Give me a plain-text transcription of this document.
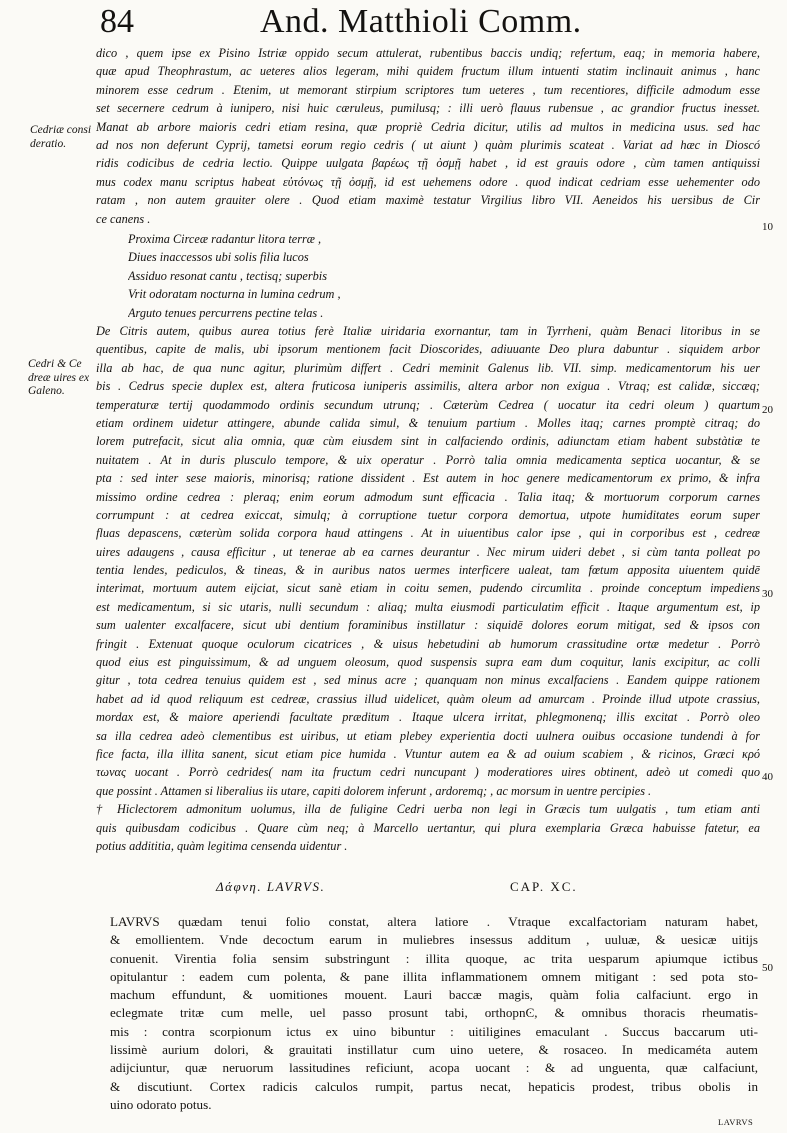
84	And. Matthioli Comm.
Cedriæ consi deratio.
Cedri & Ce dreæ uires ex Galeno.
10
20
30
40
50
dico , quem ipse ex Pisino Istriæ oppido secum attulerat, rubentibus baccis undiq; refertum, eaq; in memoria habere,
quæ apud Theophrastum, ac ueteres alios legeram, mihi quidem fructum illum intuenti statim inclinauit animus , hanc
minorem esse cedrum . Etenim, ut memorant stirpium scriptores tum ueteres , tum recentiores, difficile admodum esse
set secernere cedrum à iunipero, nisi huic cæruleus, pumilusq; : illi uerò flauus rubensue , ac grandior fructus inesset.
Manat ab arbore maioris cedri etiam resina, quæ propriè Cedria dicitur, utilis ad multos in medicina usus. sed hac
ad nos non deferunt Cyprij, tametsi eorum regio cedris ( ut aiunt ) quàm plurimis scateat . Variat ad hæc in Dioscó
ridis codicibus de cedria lectio. Quippe uulgata βαρέως τῇ ὀσμῇ habet , id est grauis odore , cùm tamen antiquissi
mus codex manu scriptus habeat εὐτόνως τῇ ὀσμῇ, id est uehemens odore . quod indicat cedriam esse uehementer odo
ratam , non autem grauiter olere . Quod etiam maximè testatur Virgilius libro VII. Aeneidos his uersibus de Cir
ce canens .
Proxima Circeæ radantur litora terræ ,
Diues inaccessos ubi solis filia lucos
Assiduo resonat cantu , tectisq; superbis
Vrit odoratam nocturna in lumina cedrum ,
Arguto tenues percurrens pectine telas .
De Citris autem, quibus aurea totius ferè Italiæ uiridaria exornantur, tam in Tyrrheni, quàm Benaci litoribus in se
quentibus, capite de malis, ubi ipsorum mentionem facit Dioscorides, adiuuante Deo plura dabuntur . siquidem arbor
illa ab hac, de qua nunc agitur, plurimùm differt . Cedri meminit Galenus lib. VII. simp. medicamentorum his uer
bis . Cedrus specie duplex est, altera fruticosa iuniperis assimilis, altera arbor non exigua . Vtraq; est calidæ, siccæq;
temperaturæ tertij quodammodo ordinis secundum utrunq; . Cæterùm Cedrea ( uocatur ita cedri oleum ) quartum
etiam ordinem uidetur attingere, abunde calida simul, & tenuium partium . Molles itaq; carnes promptè citraq; do
lorem putrefacit, sicut alia omnia, quæ cùm eiusdem sint in calfaciendo ordinis, adiunctam etiam habent substàtiæ te
nuitatem . At in duris plusculo tempore, & uix operatur . Porrò talia omnia medicamenta septica uocantur, & se
pta : sed inter sese maioris, minorisq; ratione dissident . Est autem in hoc genere medicamentorum ex primo, & infra
missimo ordine cedrea : pleraq; enim eorum admodum sunt efficacia . Talia itaq; & mortuorum corporum carnes
corrumpunt : at cedrea exiccat, simulq; à corruptione tuetur corpora demortua, utpote humiditates eorum super
fluas depascens, cæterùm solida corpora haud attingens . At in uiuentibus calor ipse , qui in corporibus est , cedreæ
uires adaugens , causa efficitur , ut tenerae ab ea carnes deurantur . Nec mirum uideri debet , si cùm tanta polleat po
tentia lendes, pediculos, & tineas, & in auribus natos uermes interficere ualeat, tam fœtum apposita uiuentem quidē
interimat, mortuum autem eijciat, sicut sanè etiam in coitu semen, pudendo circumlita . proinde conceptum impediens
est medicamentum, si sic utaris, nulli secundum : aliaq; multa eiusmodi particulatim efficit . Itaque argumentum est, ip
sum ualenter excalfacere, sicut ubi dentium foraminibus instillatur : siquidē dolores eorum mitigat, sed & ipsos con
fringit . Extenuat quoque oculorum cicatrices , & uisus hebetudini ab humorum crassitudine ortæ medetur . Porrò
quod eius est pinguissimum, & ad unguem oleosum, quod suspensis supra eam dum coquitur, lanis excipitur, ac colli
gitur , tota cedrea tenuius quidem est , sed minus acre ; quanquam non minus excalfaciens . Eandem quippe rationem
habet ad id quod reliquum est cedreæ, crassius illud uidelicet, quàm oleum ad amurcam . Proinde illud utpote crassius,
mordax est, & maiore aperiendi facultate præditum . Itaque ulcera irritat, phlegmonenq; illis excitat . Porrò oleo
sa illa cedrea adeò clementibus est uiribus, ut etiam plebey experientia docti uulnera ouibus occasione tundendi à for
fice facta, illa illita sanent, sicut etiam pice humida . Vtuntur autem ea & ad ouium scabiem , & ricinos, Græci κρό
τωνας uocant . Porrò cedrides( nam ita fructum cedri nuncupant ) moderatiores uires obtinent, adeò ut comedi quo
que possint . Attamen si liberalius iis utare, capiti dolorem inferunt , ardoremq; , ac morsum in uentre percipies .
† Hiclectorem admonitum uolumus, illa de fuligine Cedri uerba non legi in Græcis tum uulgatis , tum etiam anti
quis quibusdam codicibus . Quare cùm neq; à Marcello uertantur, qui plura exemplaria Græca habuisse fatetur, ea
potius addititia, quàm legitima censenda uidentur .
Δάφνη. LAVRVS.	CAP. XC.
LAVRVS quædam tenui folio constat, altera latiore . Vtraque excalfactoriam naturam habet,
& emollientem. Vnde decoctum earum in muliebres insessus additum , uuluæ, & uesicæ uitijs
conuenit. Virentia folia sensim substringunt : illita quoque, ac trita uesparum apiumque ictibus
opitulantur : eadem cum polenta, & pane illita inflammationem omnem mitigant : sed pota sto-
machum effundunt, & uomitiones mouent. Lauri baccæ magis, quàm folia calfaciunt. ergo in
eclegmate tritæ cum melle, uel passo prosunt tabi, orthopnϾ, & omnibus thoracis rheumatis-
mis : contra scorpionum ictus ex uino bibuntur : uitiligines emaculant . Succus baccarum uti-
lissimè aurium dolori, & grauitati instillatur cum uino uetere, & rosaceo. In medicaméta autem
adijciuntur, quæ neruorum lassitudines reficiunt, acopa uocant : & ad unguenta, quæ calfaciunt,
& discutiunt. Cortex radicis calculos rumpit, partus necat, hepaticis prodest, tribus obolis in
uino odorato potus.
LAVRVS
